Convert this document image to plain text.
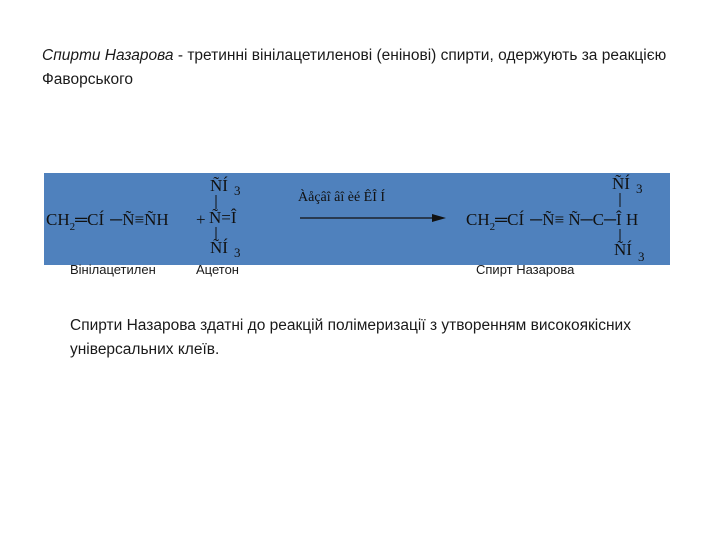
Спирти Назарова - третинні вінілацетиленові (енінові) спирти, одержують за реакцією Фаворського
$CH_2═CÍ$ ─Ñ≡ÑH +
ÑÍ $_3$
Ñ=Î
ÑÍ $_3$
Àåçâî âî èé ÊÎ Í
$CH_2═CÍ$ ─Ñ≡ Ñ─C─Î H
ÑÍ $_3$
ÑÍ $_3$
Вінілацетилен	Ацетон	Спирт Назарова
Спирти Назарова здатні до реакцій полімеризації з утворенням високоякісних універсальних клеїв.
